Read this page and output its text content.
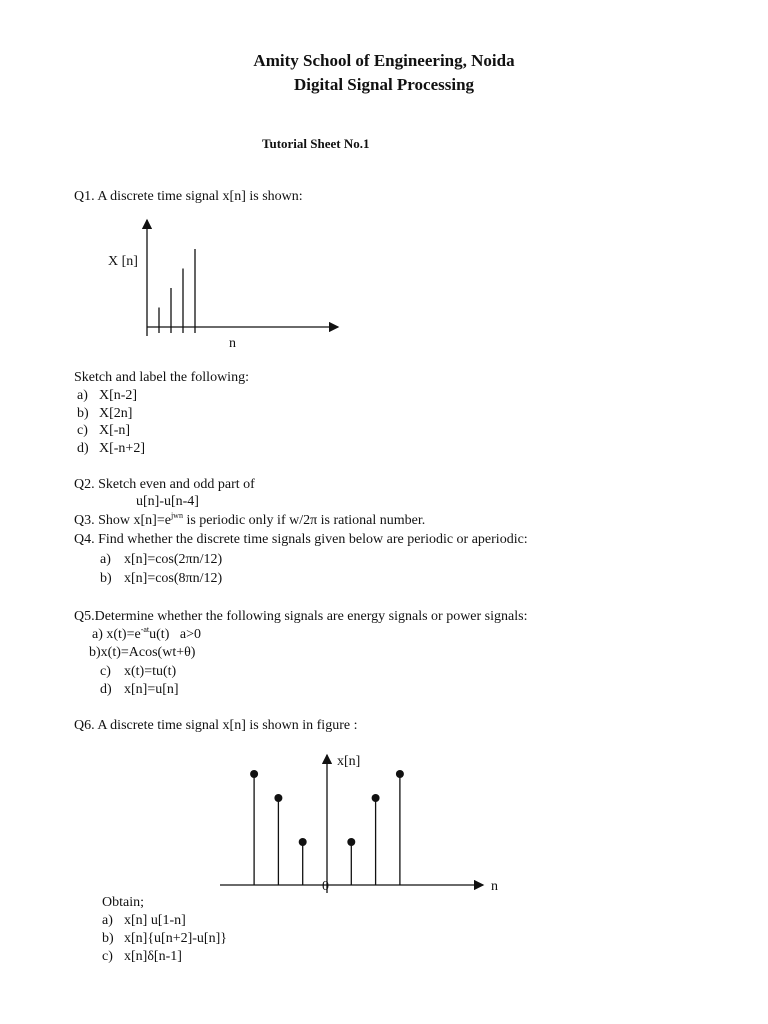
Amity School of Engineering, Noida
Digital Signal Processing
Tutorial Sheet No.1
Q1. A discrete time signal x[n] is shown:
X [n]
n
Sketch and label the following:
a) X[n-2]
b) X[2n]
c) X[-n]
d) X[-n+2]
Q2. Sketch even and odd part of
u[n]-u[n-4]
Q3. Show $x[n]=e^{jwn}$ is periodic only if w/2π is rational number.
Q4. Find whether the discrete time signals given below are periodic or aperiodic:
a) x[n]=cos(2πn/12)
b) x[n]=cos(8πn/12)
Q5.Determine whether the following signals are energy signals or power signals:
a) $x(t)=e^{-at}u(t)$   a>0
b)x(t)=Acos(wt+θ)
c) x(t)=tu(t)
d) x[n]=u[n]
Q6. A discrete time signal x[n] is shown in figure :
x[n]
0	n
Obtain;
a) x[n] u[1-n]
b) x[n]{u[n+2]-u[n]}
c) x[n]δ[n-1]
